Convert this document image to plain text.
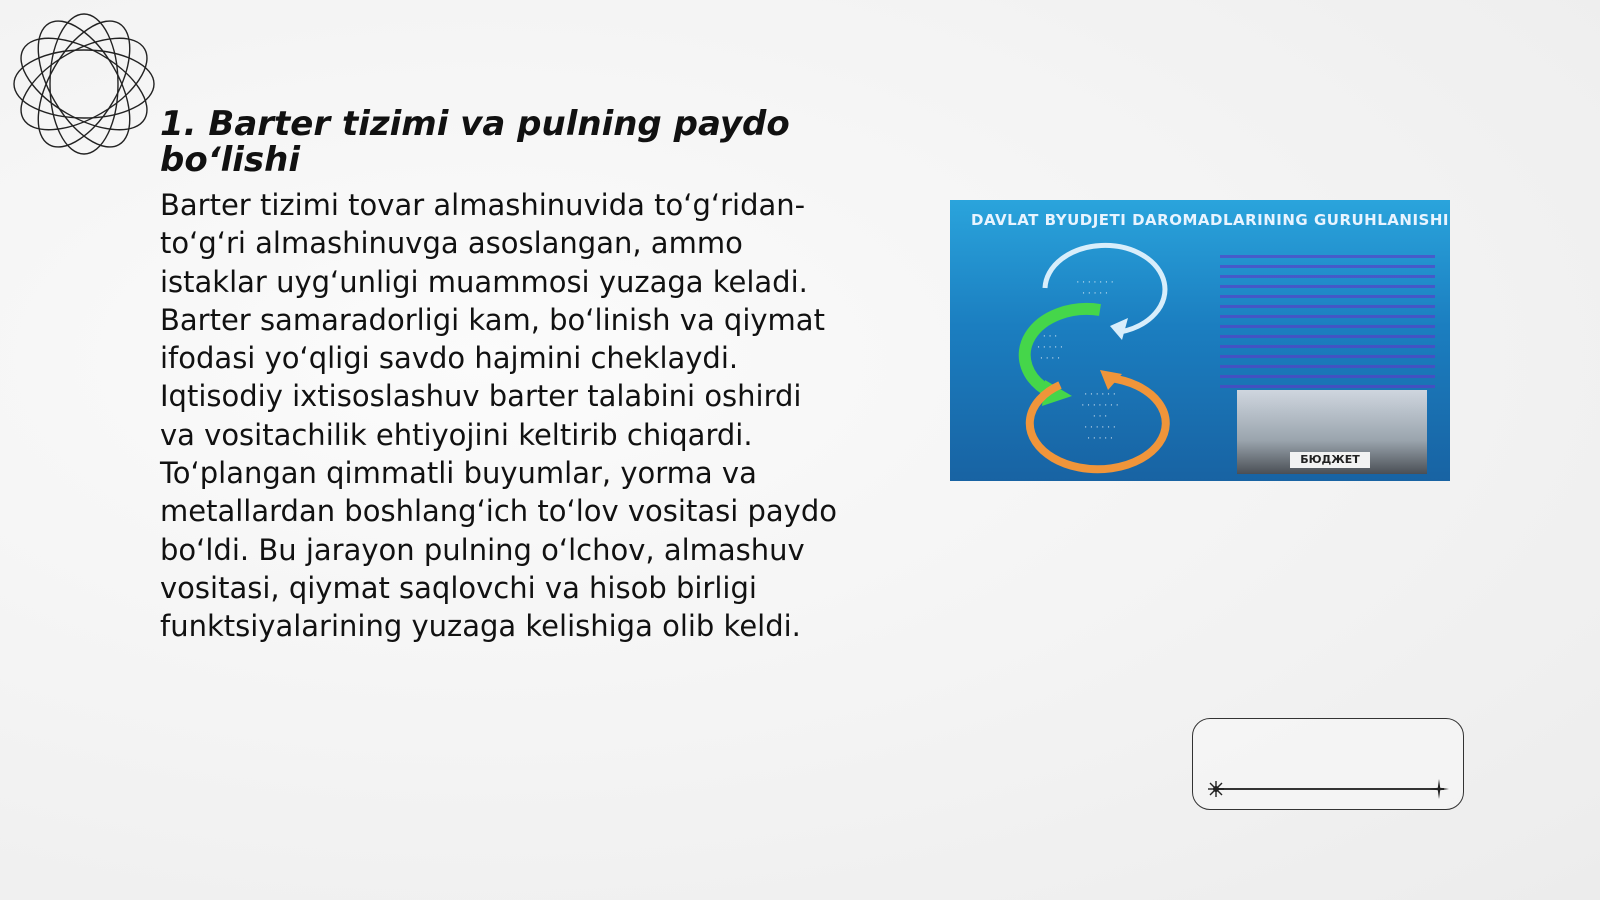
1. Barter tizimi va pulning paydo bo‘lishi

Barter tizimi tovar almashinuvida to‘g‘ridan-to‘g‘ri almashinuvga asoslangan, ammo istaklar uyg‘unligi muammosi yuzaga keladi. Barter samaradorligi kam, bo‘linish va qiymat ifodasi yo‘qligi savdo hajmini cheklaydi. Iqtisodiy ixtisoslashuv barter talabini oshirdi va vositachilik ehtiyojini keltirib chiqardi. To‘plangan qimmatli buyumlar, yorma va metallardan boshlang‘ich to‘lov vositasi paydo bo‘ldi. Bu jarayon pulning o‘lchov, almashuv vositasi, qiymat saqlovchi va hisob birligi funktsiyalarining yuzaga kelishiga olib keldi.

DAVLAT BYUDJETI DAROMADLARINING GURUHLANISHI
· · · · · · ·
· · · · ·
· · ·
· · · · ·
· · · ·
· · · · · ·
· · · · · · ·
· · ·
· · · · · ·
· · · · ·
БЮДЖЕТ
